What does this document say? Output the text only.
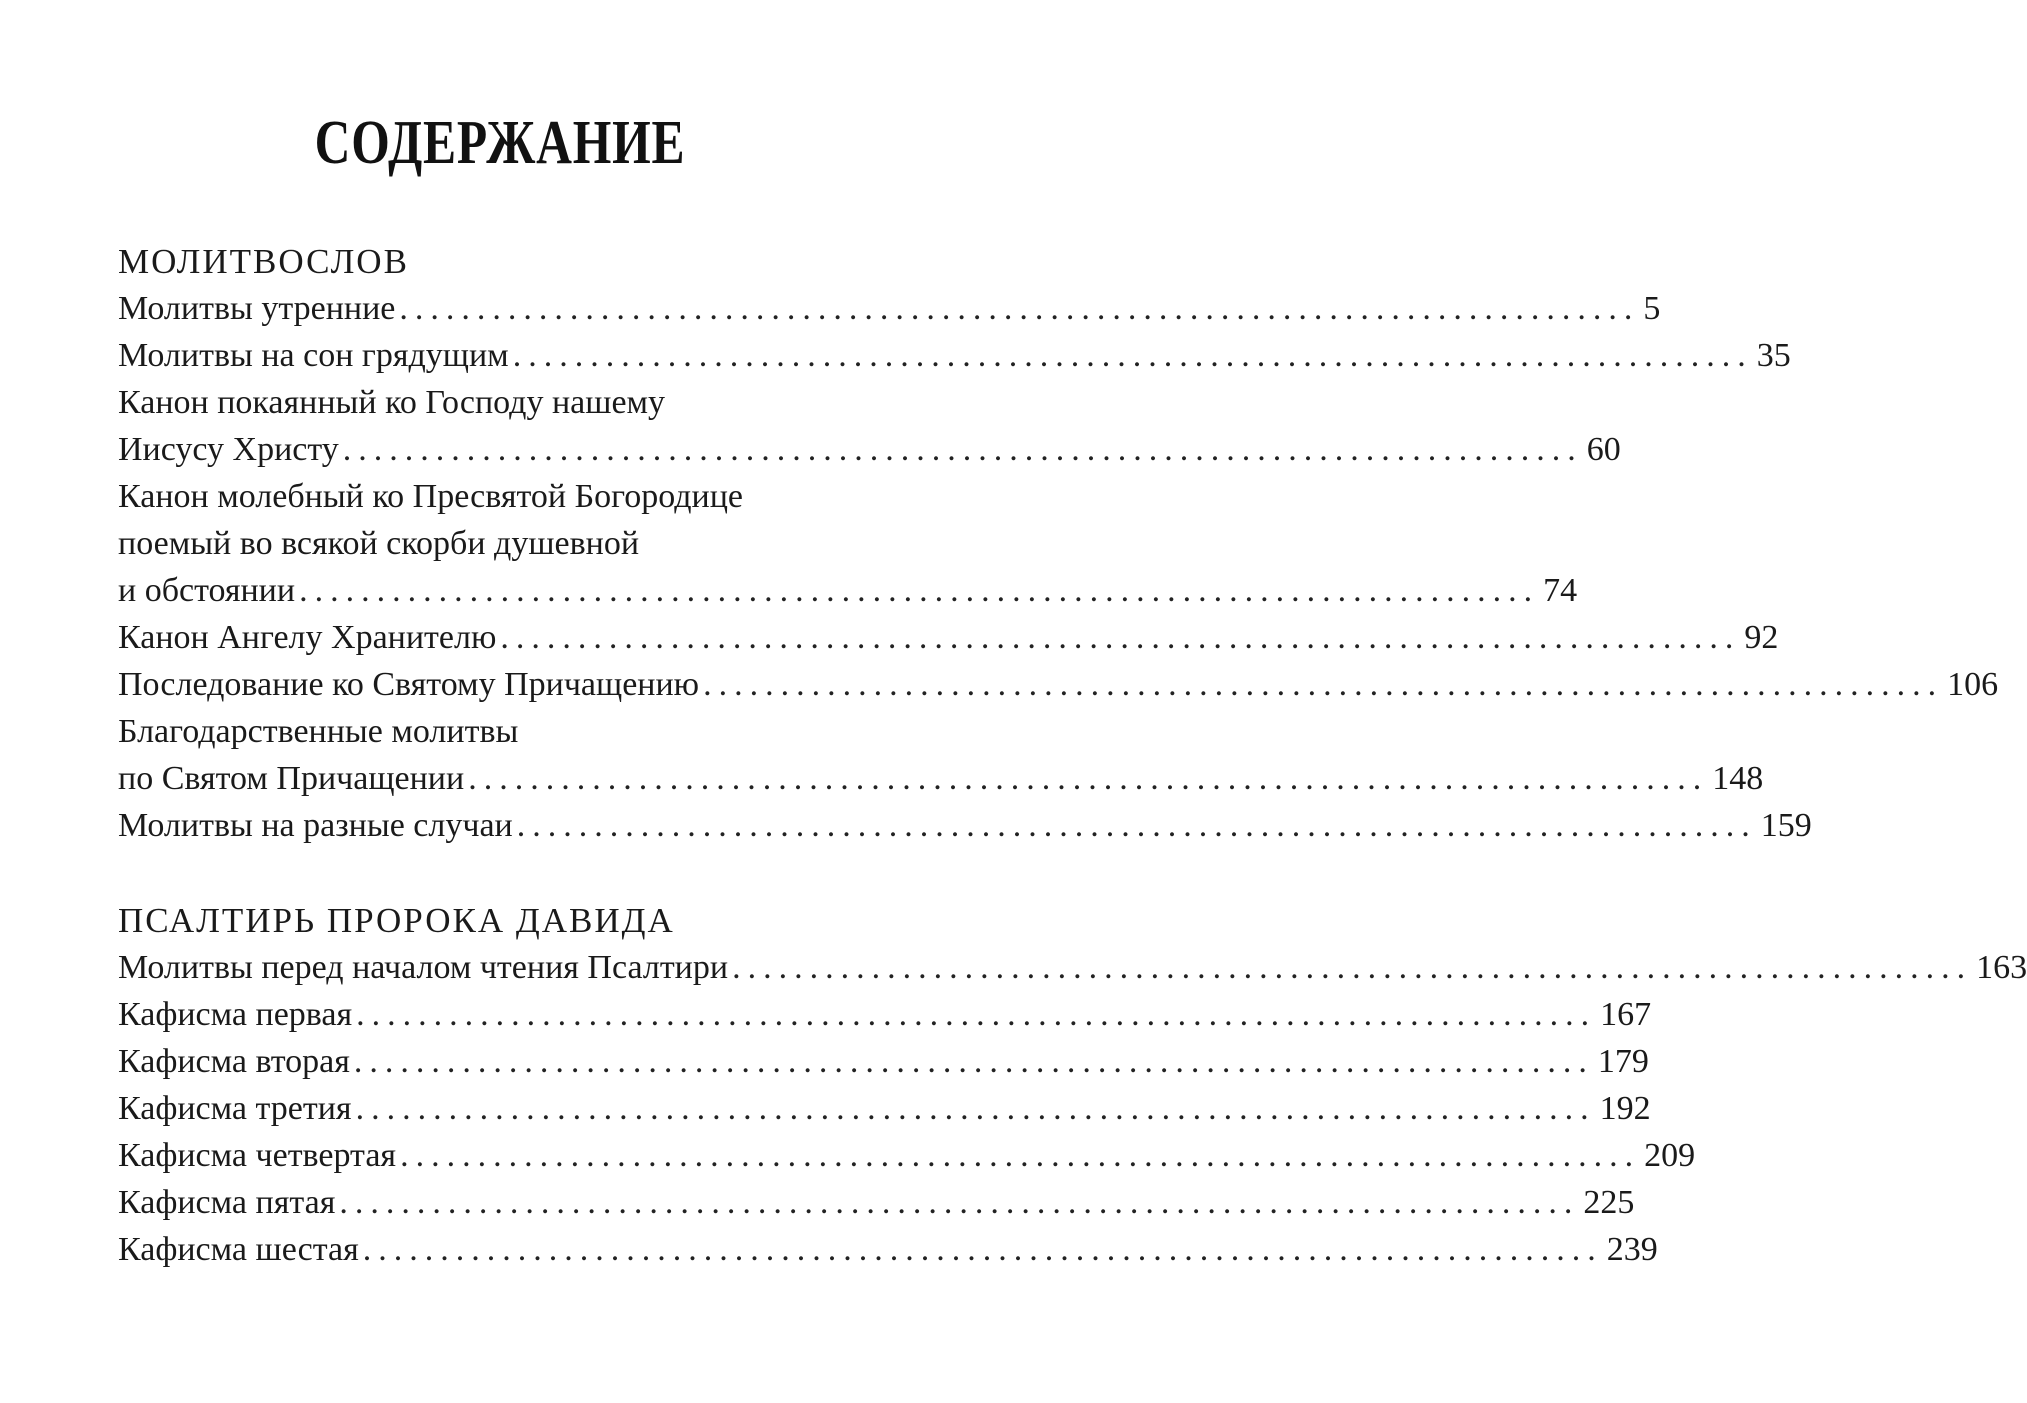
СОДЕРЖАНИЕ
МОЛИТВОСЛОВ
Молитвы утренние ................................................................................ 5
Молитвы на сон грядущим ................................................................................ 35
Канон покаянный ко Господу нашему
Иисусу Христу ................................................................................ 60
Канон молебный ко Пресвятой Богородице
поемый во всякой скорби душевной
и обстоянии ................................................................................ 74
Канон Ангелу Хранителю ................................................................................ 92
Последование ко Святому Причащению ................................................................................ 106
Благодарственные молитвы
по Святом Причащении ................................................................................ 148
Молитвы на разные случаи ................................................................................ 159
ПСАЛТИРЬ ПРОРОКА ДАВИДА
Молитвы перед началом чтения Псалтири ................................................................................ 163
Кафисма первая ................................................................................ 167
Кафисма вторая ................................................................................ 179
Кафисма третия ................................................................................ 192
Кафисма четвертая ................................................................................ 209
Кафисма пятая ................................................................................ 225
Кафисма шестая ................................................................................ 239
